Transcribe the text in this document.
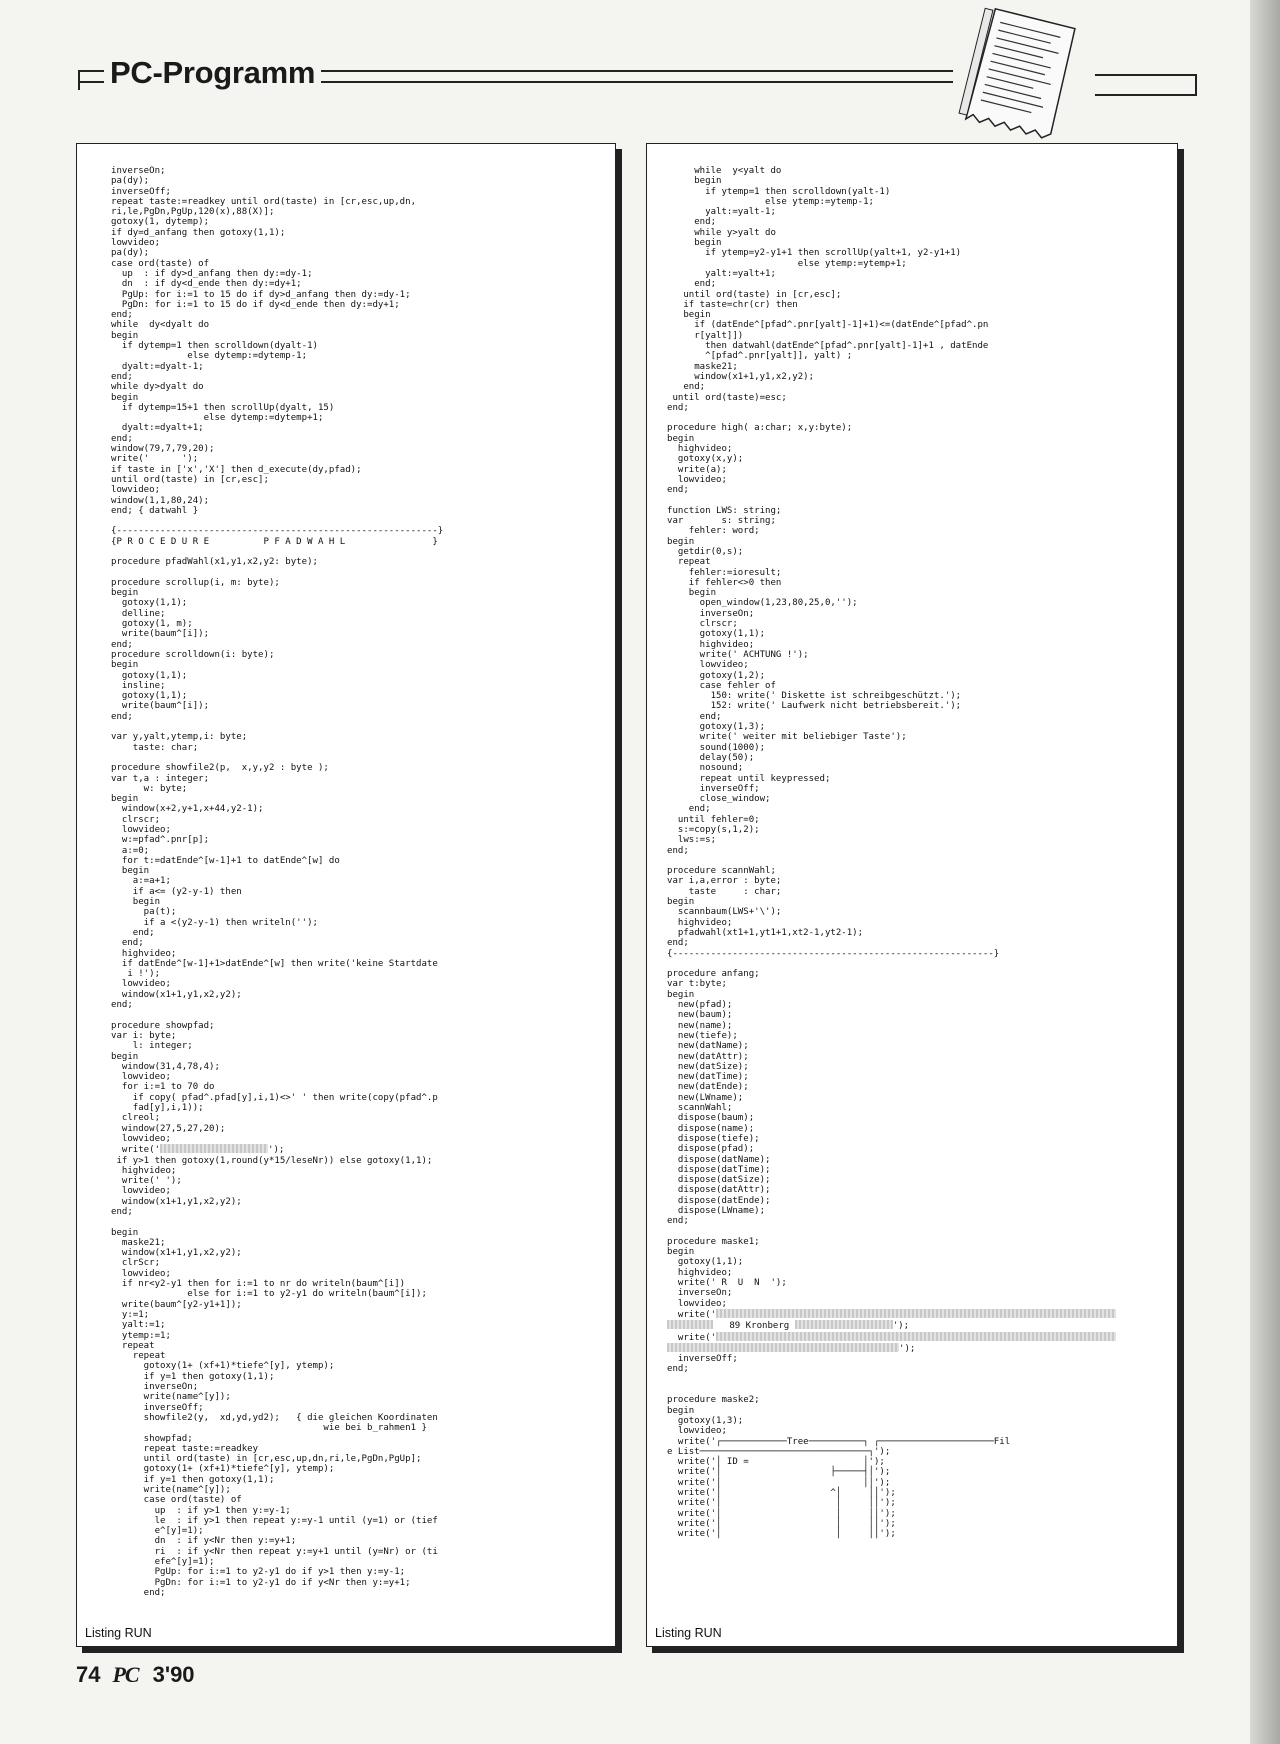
PC-Programm
inverseOn;
pa(dy);
inverseOff;
repeat taste:=readkey until ord(taste) in [cr,esc,up,dn,
ri,le,PgDn,PgUp,120(x),88(X)];
gotoxy(1, dytemp);
if dy=d_anfang then gotoxy(1,1);
lowvideo;
pa(dy);
case ord(taste) of
up  : if dy>d_anfang then dy:=dy-1;
dn  : if dy<d_ende then dy:=dy+1;
PgUp: for i:=1 to 15 do if dy>d_anfang then dy:=dy-1;
PgDn: for i:=1 to 15 do if dy<d_ende then dy:=dy+1;
end;
while  dy<dyalt do
begin
if dytemp=1 then scrolldown(dyalt-1)
else dytemp:=dytemp-1;
dyalt:=dyalt-1;
end;
while dy>dyalt do
begin
if dytemp=15+1 then scrollUp(dyalt, 15)
else dytemp:=dytemp+1;
dyalt:=dyalt+1;
end;
window(79,7,79,20);
write('      ');
if taste in ['x','X'] then d_execute(dy,pfad);
until ord(taste) in [cr,esc];
lowvideo;
window(1,1,80,24);
end; { datwahl }

{-----------------------------------------------------------}
{P R O C E D U R E          P F A D W A H L                }

procedure pfadWahl(x1,y1,x2,y2: byte);

procedure scrollup(i, m: byte);
begin
gotoxy(1,1);
delline;
gotoxy(1, m);
write(baum^[i]);
end;
procedure scrolldown(i: byte);
begin
gotoxy(1,1);
insline;
gotoxy(1,1);
write(baum^[i]);
end;

var y,yalt,ytemp,i: byte;
taste: char;

procedure showfile2(p,  x,y,y2 : byte );
var t,a : integer;
w: byte;
begin
window(x+2,y+1,x+44,y2-1);
clrscr;
lowvideo;
w:=pfad^.pnr[p];
a:=0;
for t:=datEnde^[w-1]+1 to datEnde^[w] do
begin
a:=a+1;
if a<= (y2-y-1) then
begin
pa(t);
if a <(y2-y-1) then writeln('');
end;
end;
highvideo;
if datEnde^[w-1]+1>datEnde^[w] then write('keine Startdate
i !');
lowvideo;
window(x1+1,y1,x2,y2);
end;

procedure showpfad;
var i: byte;
l: integer;
begin
window(31,4,78,4);
lowvideo;
for i:=1 to 70 do
if copy( pfad^.pfad[y],i,1)<>' ' then write(copy(pfad^.p
fad[y],i,1));
clreol;
window(27,5,27,20);
lowvideo;
write('	');
if y>1 then gotoxy(1,round(y*15/leseNr)) else gotoxy(1,1);
highvideo;
write(' ');
lowvideo;
window(x1+1,y1,x2,y2);
end;

begin
maske21;
window(x1+1,y1,x2,y2);
clrScr;
lowvideo;
if nr<y2-y1 then for i:=1 to nr do writeln(baum^[i])
else for i:=1 to y2-y1 do writeln(baum^[i]);
write(baum^[y2-y1+1]);
y:=1;
yalt:=1;
ytemp:=1;
repeat
repeat
gotoxy(1+ (xf+1)*tiefe^[y], ytemp);
if y=1 then gotoxy(1,1);
inverseOn;
write(name^[y]);
inverseOff;
showfile2(y,  xd,yd,yd2);   { die gleichen Koordinaten
wie bei b_rahmen1 }
showpfad;
repeat taste:=readkey
until ord(taste) in [cr,esc,up,dn,ri,le,PgDn,PgUp];
gotoxy(1+ (xf+1)*tiefe^[y], ytemp);
if y=1 then gotoxy(1,1);
write(name^[y]);
case ord(taste) of
up  : if y>1 then y:=y-1;
le  : if y>1 then repeat y:=y-1 until (y=1) or (tief
e^[y]=1);
dn  : if y<Nr then y:=y+1;
ri  : if y<Nr then repeat y:=y+1 until (y=Nr) or (ti
efe^[y]=1);
PgUp: for i:=1 to y2-y1 do if y>1 then y:=y-1;
PgDn: for i:=1 to y2-y1 do if y<Nr then y:=y+1;
end;
Listing RUN
while  y<yalt do
begin
if ytemp=1 then scrolldown(yalt-1)
else ytemp:=ytemp-1;
yalt:=yalt-1;
end;
while y>yalt do
begin
if ytemp=y2-y1+1 then scrollUp(yalt+1, y2-y1+1)
else ytemp:=ytemp+1;
yalt:=yalt+1;
end;
until ord(taste) in [cr,esc];
if taste=chr(cr) then
begin
if (datEnde^[pfad^.pnr[yalt]-1]+1)<=(datEnde^[pfad^.pn
r[yalt]])
then datwahl(datEnde^[pfad^.pnr[yalt]-1]+1 , datEnde
^[pfad^.pnr[yalt]], yalt) ;
maske21;
window(x1+1,y1,x2,y2);
end;
until ord(taste)=esc;
end;

procedure high( a:char; x,y:byte);
begin
highvideo;
gotoxy(x,y);
write(a);
lowvideo;
end;

function LWS: string;
var       s: string;
fehler: word;
begin
getdir(0,s);
repeat
fehler:=ioresult;
if fehler<>0 then
begin
open_window(1,23,80,25,0,'');
inverseOn;
clrscr;
gotoxy(1,1);
highvideo;
write(' ACHTUNG !');
lowvideo;
gotoxy(1,2);
case fehler of
150: write(' Diskette ist schreibgeschützt.');
152: write(' Laufwerk nicht betriebsbereit.');
end;
gotoxy(1,3);
write(' weiter mit beliebiger Taste');
sound(1000);
delay(50);
nosound;
repeat until keypressed;
inverseOff;
close_window;
end;
until fehler=0;
s:=copy(s,1,2);
lws:=s;
end;

procedure scannWahl;
var i,a,error : byte;
taste     : char;
begin
scannbaum(LWS+'\');
highvideo;
pfadwahl(xt1+1,yt1+1,xt2-1,yt2-1);
end;
{-----------------------------------------------------------}

procedure anfang;
var t:byte;
begin
new(pfad);
new(baum);
new(name);
new(tiefe);
new(datName);
new(datAttr);
new(datSize);
new(datTime);
new(datEnde);
new(LWname);
scannWahl;
dispose(baum);
dispose(name);
dispose(tiefe);
dispose(pfad);
dispose(datName);
dispose(datTime);
dispose(datSize);
dispose(datAttr);
dispose(datEnde);
dispose(LWname);
end;

procedure maske1;
begin
gotoxy(1,1);
highvideo;
write(' R  U  N  ');
inverseOn;
lowvideo;
write('
89 Kronberg	');
write('
');
inverseOff;
end;

procedure maske2;
begin
gotoxy(1,3);
lowvideo;
write('┌────────────Tree──────────┐ ┌─────────────────────Fil
e List───────────────────────────────┐');
write('│ ID =                     │');
write('│                    ├─────┤│');
write('│                          ││');
write('│                    ^│     ││');
write('│                     │     ││');
write('│                     │     ││');
write('│                     │     ││');
write('│                     │     ││');
Listing RUN
74 PC 3'90
